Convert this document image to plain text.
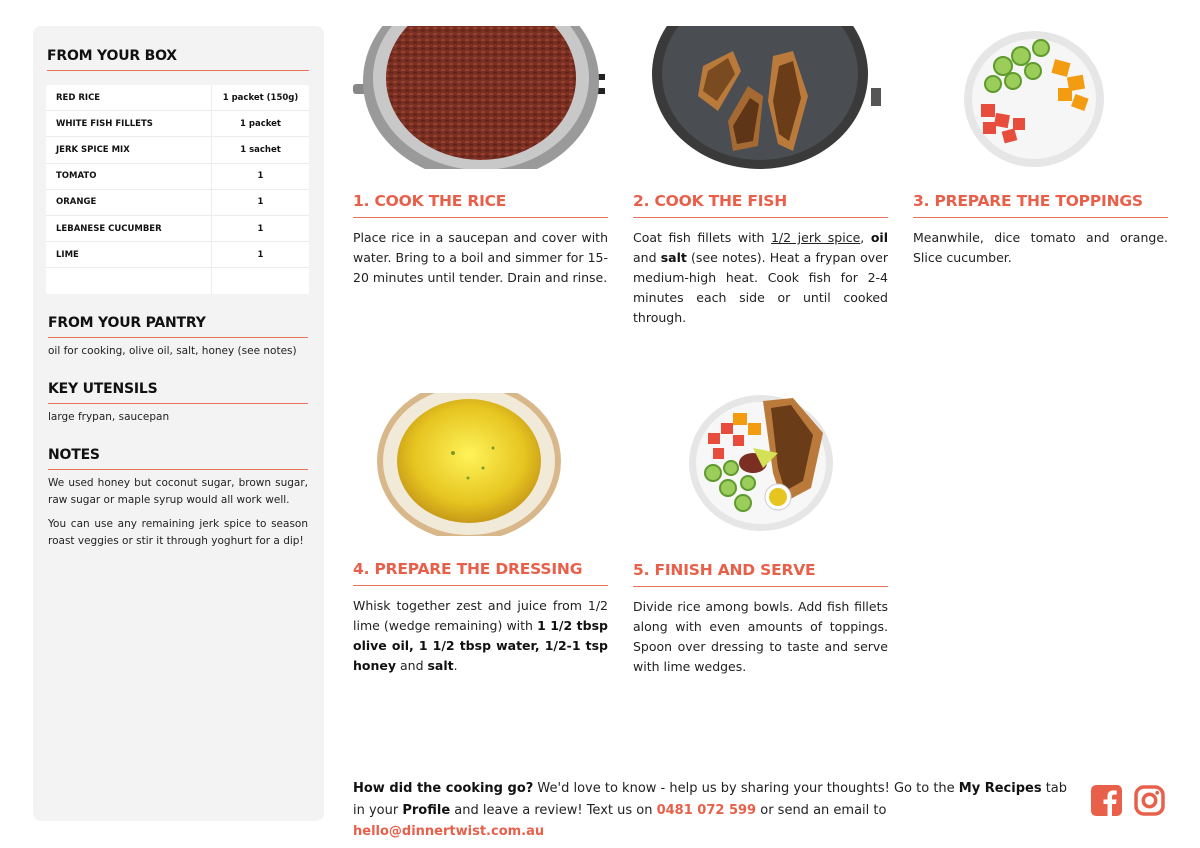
FROM YOUR BOX
RED RICE	1 packet (150g)
WHITE FISH FILLETS	1 packet
JERK SPICE MIX	1 sachet
TOMATO	1
ORANGE	1
LEBANESE CUCUMBER	1
LIME	1
FROM YOUR PANTRY
oil for cooking, olive oil, salt, honey (see notes)
KEY UTENSILS
large frypan, saucepan
NOTES
We used honey but coconut sugar, brown sugar, raw sugar or maple syrup would all work well.
You can use any remaining jerk spice to season roast veggies or stir it through yoghurt for a dip!
1. COOK THE RICE
Place rice in a saucepan and cover with water. Bring to a boil and simmer for 15-20 minutes until tender. Drain and rinse.
2. COOK THE FISH
Coat fish fillets with 1/2 jerk spice, oil and salt (see notes). Heat a frypan over medium-high heat. Cook fish for 2-4 minutes each side or until cooked through.
3. PREPARE THE TOPPINGS
Meanwhile, dice tomato and orange. Slice cucumber.
4. PREPARE THE DRESSING
Whisk together zest and juice from 1/2 lime (wedge remaining) with 1 1/2 tbsp olive oil, 1 1/2 tbsp water, 1/2-1 tsp honey and salt.
5. FINISH AND SERVE
Divide rice among bowls. Add fish fillets along with even amounts of toppings. Spoon over dressing to taste and serve with lime wedges.
How did the cooking go? We'd love to know - help us by sharing your thoughts! Go to the My Recipes tab in your Profile and leave a review! Text us on 0481 072 599 or send an email to hello@dinnertwist.com.au
